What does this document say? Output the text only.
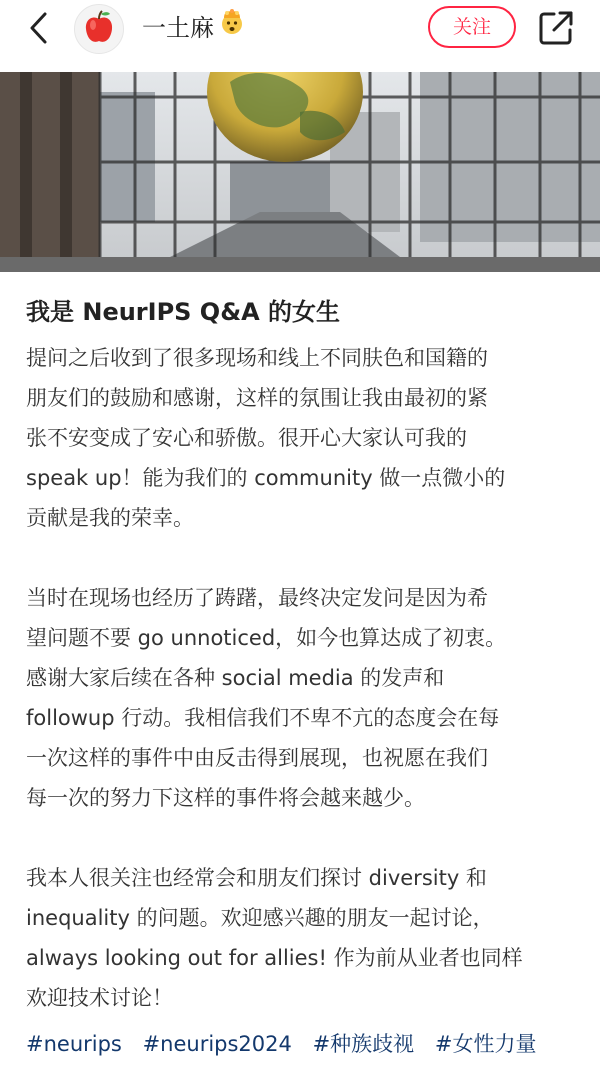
一土麻	关注
我是 NeurIPS Q&A 的女生

提问之后收到了很多现场和线上不同肤色和国籍的
朋友们的鼓励和感谢，这样的氛围让我由最初的紧
张不安变成了安心和骄傲。很开心大家认可我的
speak up！能为我们的 community 做一点微小的
贡献是我的荣幸。

当时在现场也经历了踌躇，最终决定发问是因为希
望问题不要 go unnoticed，如今也算达成了初衷。
感谢大家后续在各种 social media 的发声和
followup 行动。我相信我们不卑不亢的态度会在每
一次这样的事件中由反击得到展现，也祝愿在我们
每一次的努力下这样的事件将会越来越少。

我本人很关注也经常会和朋友们探讨 diversity 和
inequality 的问题。欢迎感兴趣的朋友一起讨论，
always looking out for allies! 作为前从业者也同样
欢迎技术讨论！

#neurips #neurips2024 #种族歧视 #女性力量
